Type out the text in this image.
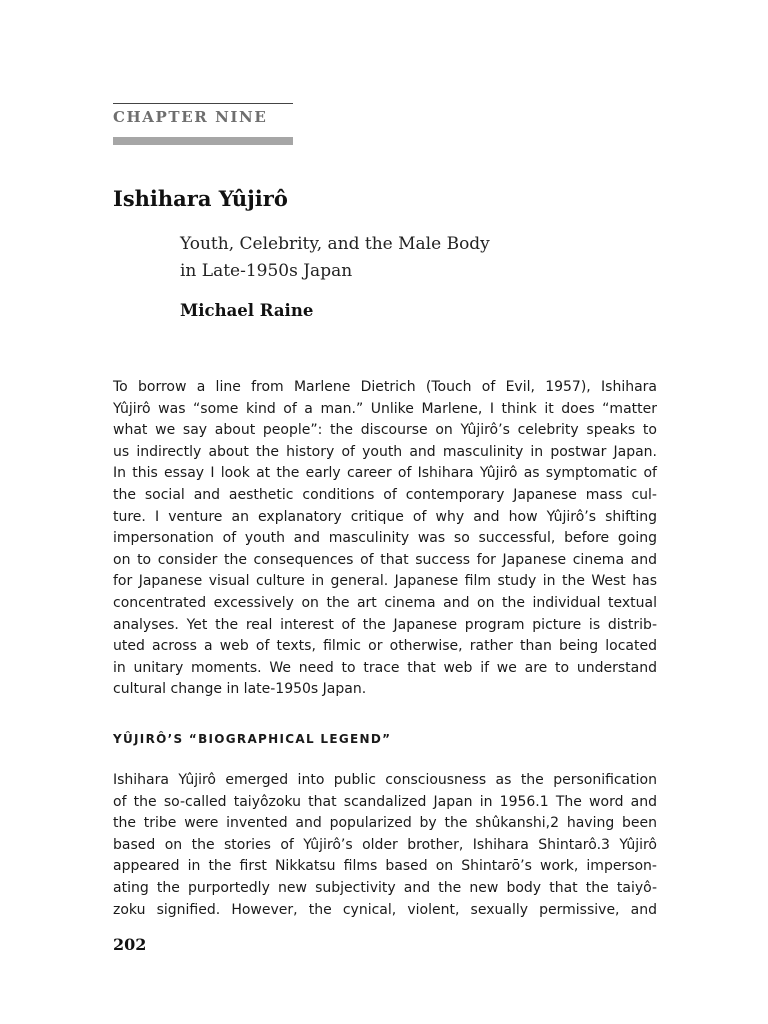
CHAPTER NINE
Ishihara Yûjirô
Youth, Celebrity, and the Male Body
in Late-1950s Japan
Michael Raine
To borrow a line from Marlene Dietrich (Touch of Evil, 1957), Ishihara
Yûjirô was “some kind of a man.” Unlike Marlene, I think it does “matter
what we say about people”: the discourse on Yûjirô’s celebrity speaks to
us indirectly about the history of youth and masculinity in postwar Japan.
In this essay I look at the early career of Ishihara Yûjirô as symptomatic of
the social and aesthetic conditions of contemporary Japanese mass cul-
ture. I venture an explanatory critique of why and how Yûjirô’s shifting
impersonation of youth and masculinity was so successful, before going
on to consider the consequences of that success for Japanese cinema and
for Japanese visual culture in general. Japanese film study in the West has
concentrated excessively on the art cinema and on the individual textual
analyses. Yet the real interest of the Japanese program picture is distrib-
uted across a web of texts, filmic or otherwise, rather than being located
in unitary moments. We need to trace that web if we are to understand
cultural change in late-1950s Japan.
YÛJIRÔ’S “BIOGRAPHICAL LEGEND”
Ishihara Yûjirô emerged into public consciousness as the personification
of the so-called taiyôzoku that scandalized Japan in 1956.1 The word and
the tribe were invented and popularized by the shûkanshi,2 having been
based on the stories of Yûjirô’s older brother, Ishihara Shintarô.3 Yûjirô
appeared in the first Nikkatsu films based on Shintarō’s work, imperson-
ating the purportedly new subjectivity and the new body that the taiyô-
zoku signified. However, the cynical, violent, sexually permissive, and
202
